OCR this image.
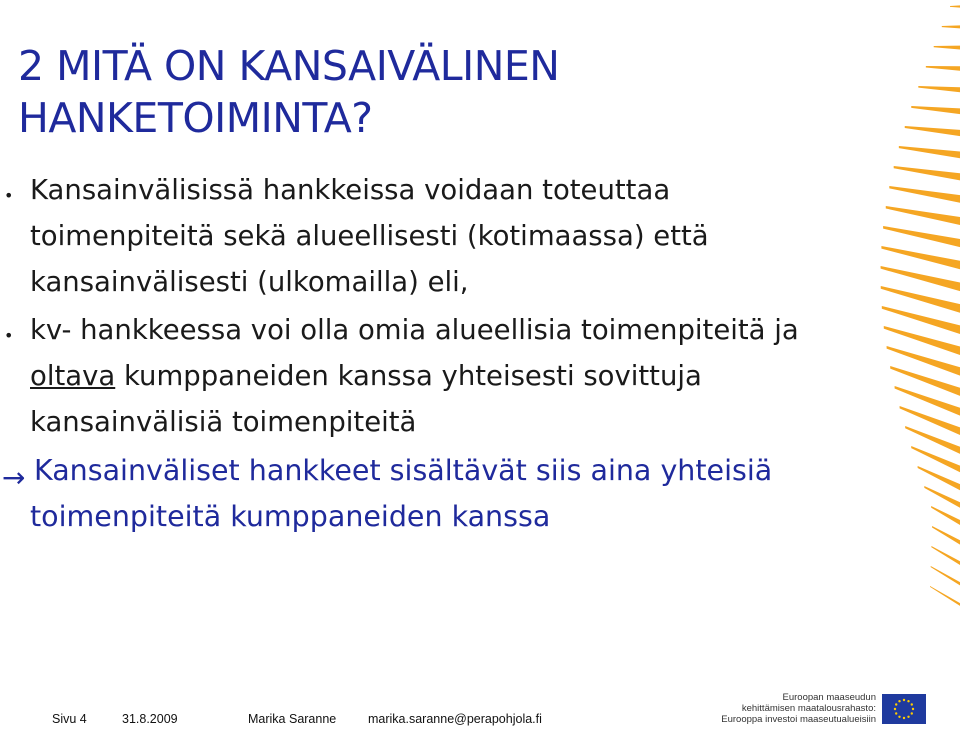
2 MITÄ ON KANSAIVÄLINEN
HANKETOIMINTA?
• Kansainvälisissä hankkeissa voidaan toteuttaa
toimenpiteitä sekä alueellisesti (kotimaassa) että
kansainvälisesti (ulkomailla) eli,
• kv- hankkeessa voi olla omia alueellisia toimenpiteitä ja
oltava kumppaneiden kanssa yhteisesti sovittuja
kansainvälisiä toimenpiteitä
→ Kansainväliset hankkeet sisältävät siis aina yhteisiä
toimenpiteitä kumppaneiden kanssa
Sivu 4	31.8.2009	Marika Saranne	marika.saranne@perapohjola.fi
Euroopan maaseudun
kehittämisen maatalousrahasto:
Eurooppa investoi maaseutualueisiin
